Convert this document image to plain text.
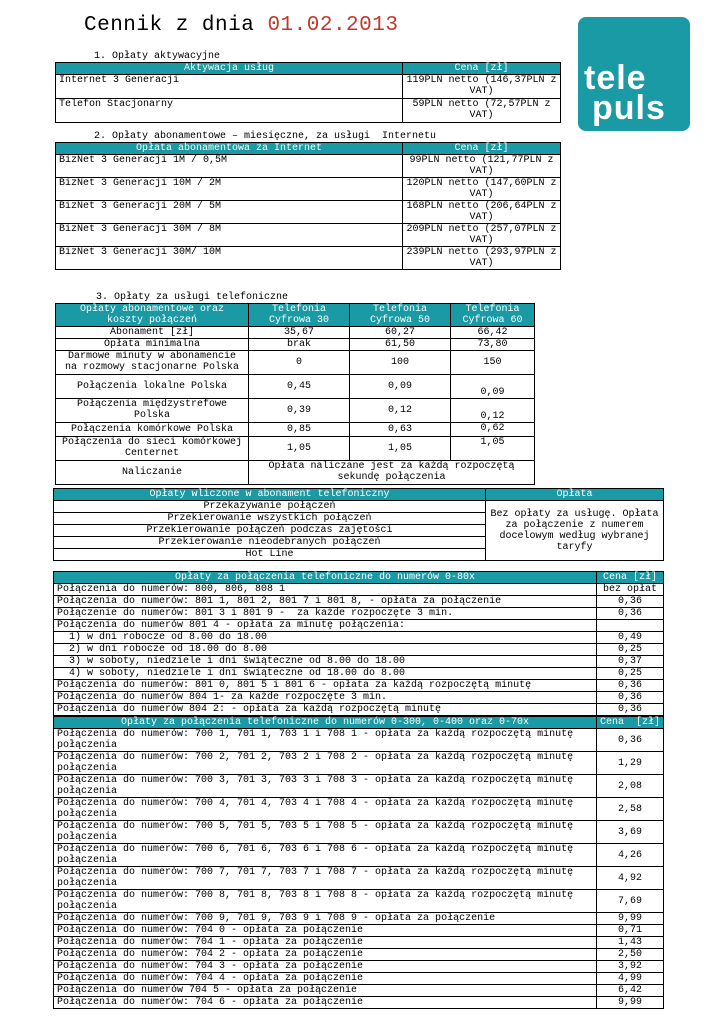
Cennik z dnia 01.02.2013
tele
puls
1. Opłaty aktywacyjne
Aktywacja usług	Cena [zł]
Internet 3 Generacji	119PLN netto (146,37PLN z VAT)
Telefon Stacjonarny	59PLN netto (72,57PLN z VAT)
2. Opłaty abonamentowe – miesięczne, za usługi  Internetu
Opłata abonamentowa za Internet	Cena [zł]
BizNet 3 Generacji 1M / 0,5M	99PLN netto (121,77PLN z VAT)
BizNet 3 Generacji 10M / 2M	120PLN netto (147,60PLN z VAT)
BizNet 3 Generacji 20M / 5M	168PLN netto (206,64PLN z VAT)
BizNet 3 Generacji 30M / 8M	209PLN netto (257,07PLN z VAT)
BizNet 3 Generacji 30M/ 10M	239PLN netto (293,97PLN z VAT)
3. Opłaty za usługi telefoniczne
Opłaty abonamentowe oraz koszty połączeń	Telefonia Cyfrowa 30	Telefonia Cyfrowa 50	Telefonia Cyfrowa 60
Abonament [zł]	35,67	60,27	66,42
Opłata minimalna	brak	61,50	73,80
Darmowe minuty w abonamencie na rozmowy stacjonarne Polska	0	100	150
Połączenia lokalne Polska	0,45	0,09	0,09
Połączenia międzystrefowe Polska	0,39	0,12	0,12
Połączenia komórkowe Polska	0,85	0,63	0,62
Połączenia do sieci komórkowej Centernet	1,05	1,05	1,05
Naliczanie	Opłata naliczane jest za każdą rozpoczętą sekundę połączenia		
Opłaty wliczone w abonament telefoniczny	Opłata
Przekazywanie połączeń	Bez opłaty za usługę. Opłata za połączenie z numerem docelowym według wybranej taryfy
Przekierowanie wszystkich połączeń	
Przekierowanie połączeń podczas zajętości	
Przekierowanie nieodebranych połączeń	
Hot Line	
Opłaty za połączenia telefoniczne do numerów 0-80x	Cena [zł]
Połączenia do numerów: 800, 806, 808 1	bez opłat
Połączenia do numerów: 801 1, 801 2, 801 7 i 801 8, - opłata za połączenie	0,36
Połączenie do numerów: 801 3 i 801 9 -  za każde rozpoczęte 3 min.	0,36
Połączenia do numerów 801 4 - opłata za minutę połączenia:	
1) w dni robocze od 8.00 do 18.00	0,49
2) w dni robocze od 18.00 do 8.00	0,25
3) w soboty, niedziele i dni świąteczne od 8.00 do 18.00	0,37
4) w soboty, niedziele i dni świąteczne od 18.00 do 8.00	0,25
Połączenia do numerów: 801 0, 801 5 i 801 6 - opłata za każdą rozpoczętą minutę	0,36
Połączenia do numerów 804 1- za każde rozpoczęte 3 min.	0,36
Połączenia do numerów 804 2: - opłata za każdą rozpoczętą minutę	0,36
Opłaty za połączenia telefoniczne do numerów 0-300, 0-400 oraz 0-70x	Cena  [zł]
Połączenia do numerów: 700 1, 701 1, 703 1 i 708 1 - opłata za każdą rozpoczętą minutę połączenia	0,36
Połączenia do numerów: 700 2, 701 2, 703 2 i 708 2 - opłata za każdą rozpoczętą minutę połączenia	1,29
Połączenia do numerów: 700 3, 701 3, 703 3 i 708 3 - opłata za każdą rozpoczętą minutę połączenia	2,08
Połączenia do numerów: 700 4, 701 4, 703 4 i 708 4 - opłata za każdą rozpoczętą minutę połączenia	2,58
Połączenia do numerów: 700 5, 701 5, 703 5 i 708 5 - opłata za każdą rozpoczętą minutę połączenia	3,69
Połączenia do numerów: 700 6, 701 6, 703 6 i 708 6 - opłata za każdą rozpoczętą minutę połączenia	4,26
Połączenia do numerów: 700 7, 701 7, 703 7 i 708 7 - opłata za każdą rozpoczętą minutę połączenia	4,92
Połączenia do numerów: 700 8, 701 8, 703 8 i 708 8 - opłata za każdą rozpoczętą minutę połączenia	7,69
Połączenia do numerów: 700 9, 701 9, 703 9 i 708 9 - opłata za połączenie	9,99
Połączenia do numerów: 704 0 - opłata za połączenie	0,71
Połączenia do numerów: 704 1 - opłata za połączenie	1,43
Połączenia do numerów: 704 2 - opłata za połączenie	2,50
Połączenia do numerów: 704 3 - opłata za połączenie	3,92
Połączenia do numerów: 704 4 - opłata za połączenie	4,99
Połączenia do numerów 704 5 - opłata za połączenie	6,42
Połączenia do numerów: 704 6 - opłata za połączenie	9,99
